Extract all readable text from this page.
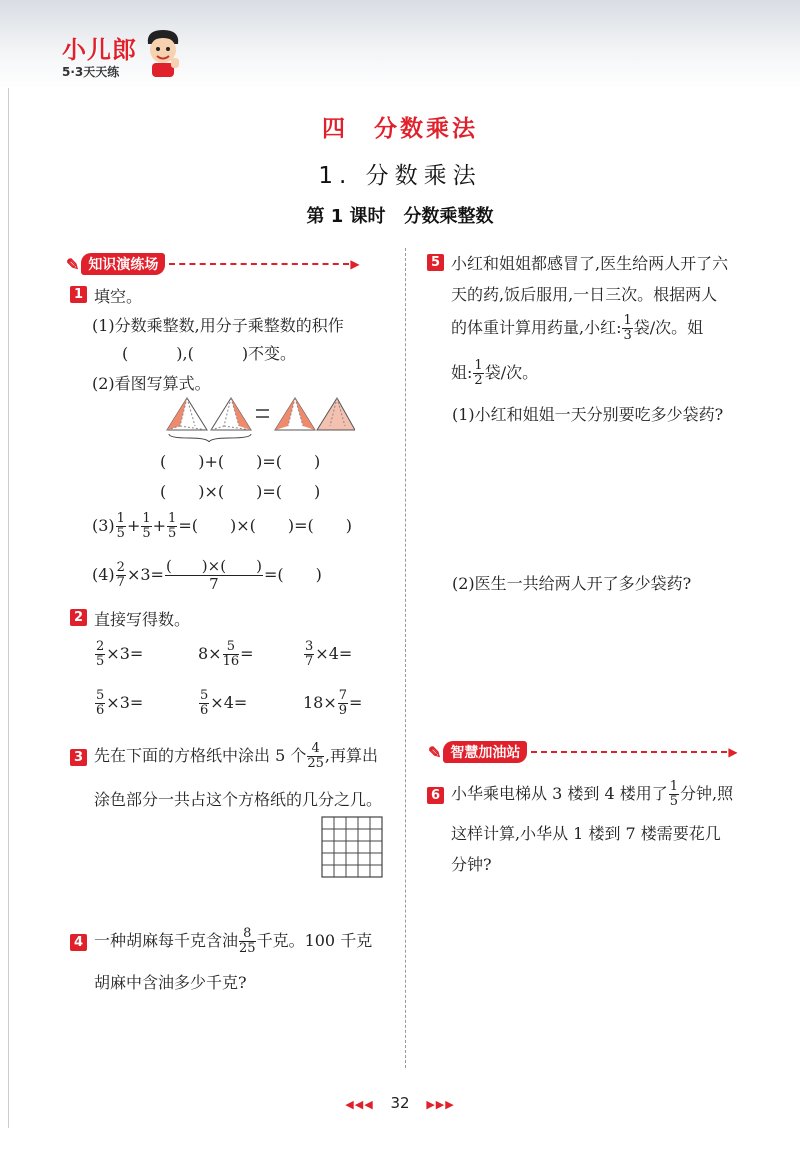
小儿郎
5·3天天练
四　分数乘法
1. 分数乘法
第 1 课时　分数乘整数
✎ 知识演练场	▶
1 填空。
(1)分数乘整数,用分子乘整数的积作
(　　　),(　　　)不变。
(2)看图写算式。
(　　)+(　　)=(　　)
(　　)×(　　)=(　　)
$(3) \frac{1}{5} + \frac{1}{5} + \frac{1}{5}$ =(　　)×(　　)=(　　)
$(4) \frac{2}{7} \times 3= \frac{( )\times( )}{7}$ =(　　)
2 直接写得数。
$\frac{2}{5} \times 3=$	$8\times \frac{5}{16}$ =	$\frac{3}{7} \times 4=$
$\frac{5}{6} \times 3=$	$\frac{5}{6} \times 4=$	$18\times \frac{7}{9}$ =
3 先在下面的方格纸中涂出 5 个 $\frac{4}{25}$ ,再算出
涂色部分一共占这个方格纸的几分之几。
4 一种胡麻每千克含油 $\frac{8}{25}$ 千克。100 千克
胡麻中含油多少千克?
5 小红和姐姐都感冒了,医生给两人开了六
天的药,饭后服用,一日三次。根据两人
的体重计算用药量,小红: $\frac{1}{3}$ 袋/次。姐
姐: $\frac{1}{2}$ 袋/次。
(1)小红和姐姐一天分别要吃多少袋药?
(2)医生一共给两人开了多少袋药?
✎ 智慧加油站	▶
6 小华乘电梯从 3 楼到 4 楼用了 $\frac{1}{5}$ 分钟,照
这样计算,小华从 1 楼到 7 楼需要花几
分钟?
◀◀◀ 32 ▶▶▶
